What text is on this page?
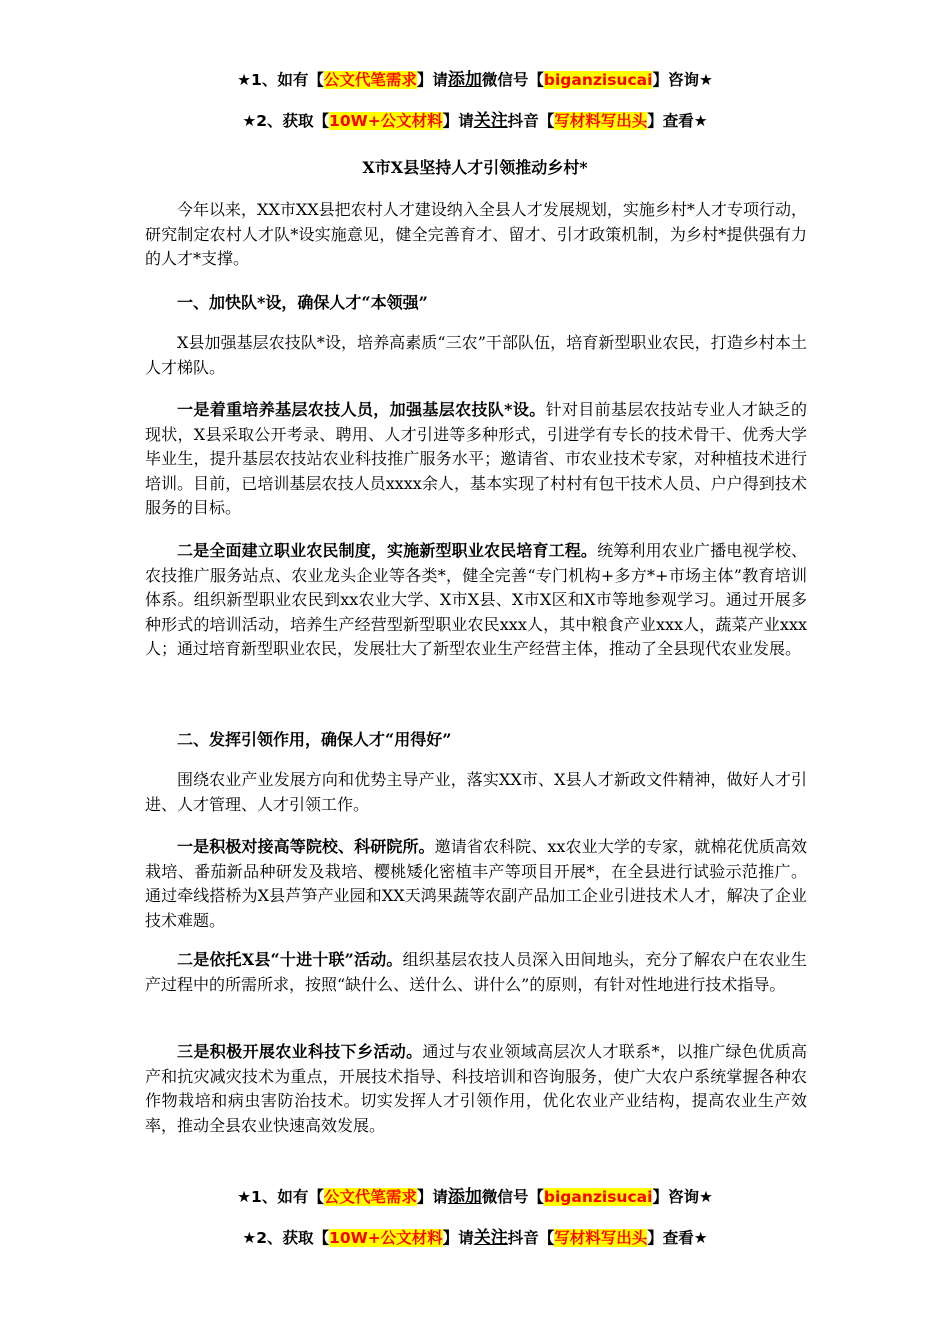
★1、如有【公文代笔需求】请添加微信号【biganzisucai】咨询★
★2、获取【10W+公文材料】请关注抖音【写材料写出头】查看★
X市X县坚持人才引领推动乡村*

今年以来，XX市XX县把农村人才建设纳入全县人才发展规划，实施乡村*人才专项行动，研究制定农村人才队*设实施意见，健全完善育才、留才、引才政策机制，为乡村*提供强有力的人才*支撑。

一、加快队*设，确保人才“本领强”

X县加强基层农技队*设，培养高素质“三农”干部队伍，培育新型职业农民，打造乡村本土人才梯队。

一是着重培养基层农技人员，加强基层农技队*设。针对目前基层农技站专业人才缺乏的现状，X县采取公开考录、聘用、人才引进等多种形式，引进学有专长的技术骨干、优秀大学毕业生，提升基层农技站农业科技推广服务水平；邀请省、市农业技术专家，对种植技术进行培训。目前，已培训基层农技人员xxxx余人，基本实现了村村有包干技术人员、户户得到技术服务的目标。

二是全面建立职业农民制度，实施新型职业农民培育工程。统筹利用农业广播电视学校、农技推广服务站点、农业龙头企业等各类*，健全完善“专门机构+多方*+市场主体”教育培训体系。组织新型职业农民到xx农业大学、X市X县、X市X区和X市等地参观学习。通过开展多种形式的培训活动，培养生产经营型新型职业农民xxx人，其中粮食产业xxx人，蔬菜产业xxx人；通过培育新型职业农民，发展壮大了新型农业生产经营主体，推动了全县现代农业发展。

二、发挥引领作用，确保人才“用得好”

围绕农业产业发展方向和优势主导产业，落实XX市、X县人才新政文件精神，做好人才引进、人才管理、人才引领工作。

一是积极对接高等院校、科研院所。邀请省农科院、xx农业大学的专家，就棉花优质高效栽培、番茄新品种研发及栽培、樱桃矮化密植丰产等项目开展*，在全县进行试验示范推广。通过牵线搭桥为X县芦笋产业园和XX天鸿果蔬等农副产品加工企业引进技术人才，解决了企业技术难题。

二是依托X县“十进十联”活动。组织基层农技人员深入田间地头，充分了解农户在农业生产过程中的所需所求，按照“缺什么、送什么、讲什么”的原则，有针对性地进行技术指导。

三是积极开展农业科技下乡活动。通过与农业领域高层次人才联系*，以推广绿色优质高产和抗灾减灾技术为重点，开展技术指导、科技培训和咨询服务，使广大农户系统掌握各种农作物栽培和病虫害防治技术。切实发挥人才引领作用，优化农业产业结构，提高农业生产效率，推动全县农业快速高效发展。

★1、如有【公文代笔需求】请添加微信号【biganzisucai】咨询★
★2、获取【10W+公文材料】请关注抖音【写材料写出头】查看★
